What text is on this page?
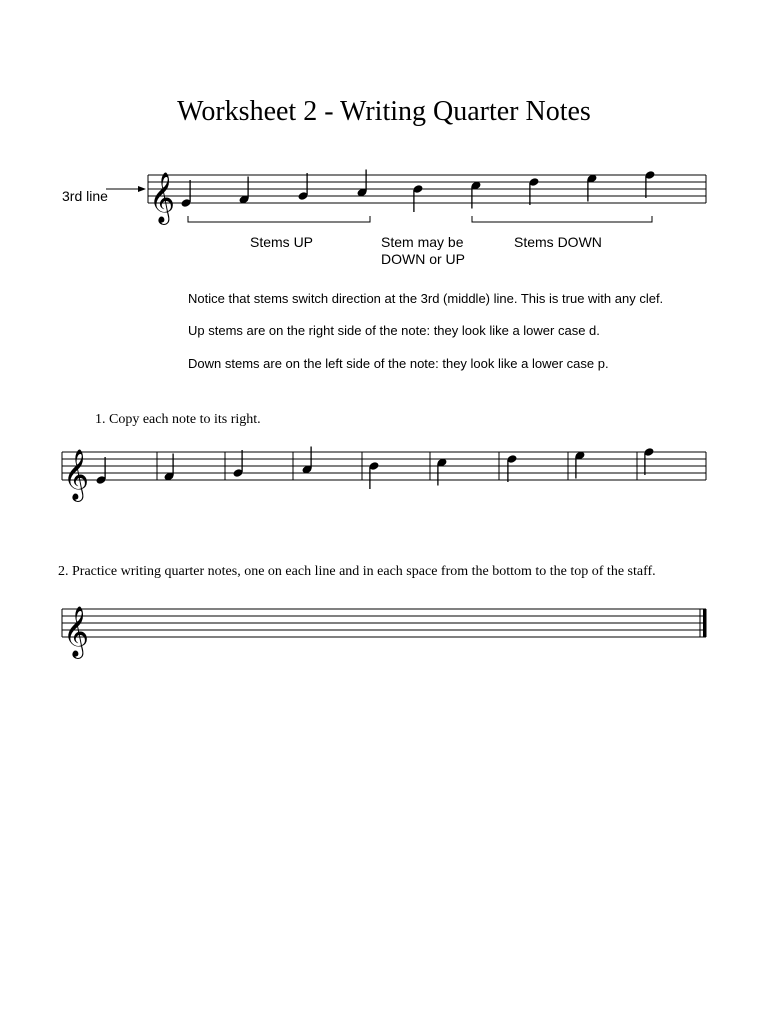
Worksheet 2 - Writing Quarter Notes
3rd line 𝄞
Stems UP	Stem may be
DOWN or UP
Stems DOWN
Notice that stems switch direction at the 3rd (middle) line. This is true with any clef.
Up stems are on the right side of the note: they look like a lower case d.
Down stems are on the left side of the note: they look like a lower case p.
1. Copy each note to its right.
𝄞
2. Practice writing quarter notes, one on each line and in each space from the bottom to the top of the staff.
𝄞
